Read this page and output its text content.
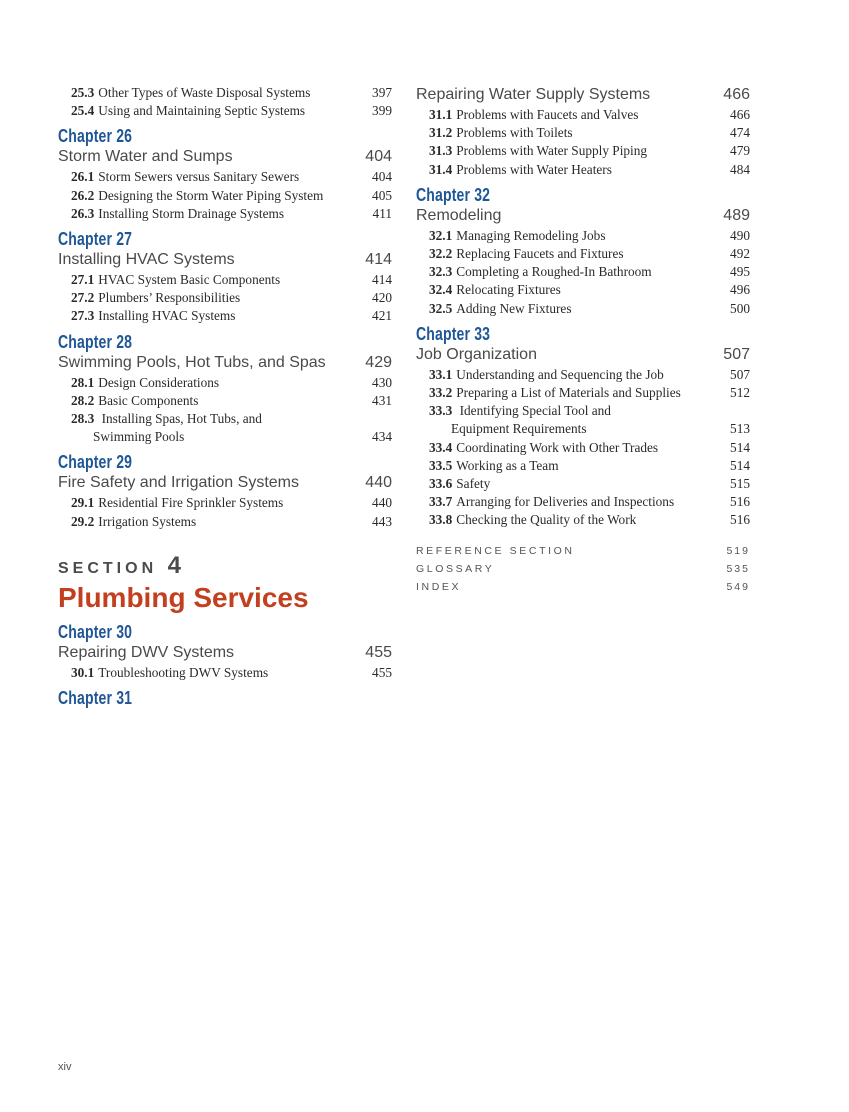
25.3 Other Types of Waste Disposal Systems	397
25.4 Using and Maintaining Septic Systems	399
Chapter 26
Storm Water and Sumps	404
26.1 Storm Sewers versus Sanitary Sewers	404
26.2 Designing the Storm Water Piping System	405
26.3 Installing Storm Drainage Systems	411
Chapter 27
Installing HVAC Systems	414
27.1 HVAC System Basic Components	414
27.2 Plumbers’ Responsibilities	420
27.3 Installing HVAC Systems	421
Chapter 28
Swimming Pools, Hot Tubs, and Spas 429
28.1 Design Considerations	430
28.2 Basic Components	431
28.3 Installing Spas, Hot Tubs, and
Swimming Pools	434
Chapter 29
Fire Safety and Irrigation Systems	440
29.1 Residential Fire Sprinkler Systems	440
29.2 Irrigation Systems	443
SECTION 4
Plumbing Services
Chapter 30
Repairing DWV Systems	455
30.1 Troubleshooting DWV Systems	455
Chapter 31
Repairing Water Supply Systems	466
31.1 Problems with Faucets and Valves	466
31.2 Problems with Toilets	474
31.3 Problems with Water Supply Piping	479
31.4 Problems with Water Heaters	484
Chapter 32
Remodeling	489
32.1 Managing Remodeling Jobs	490
32.2 Replacing Faucets and Fixtures	492
32.3 Completing a Roughed-In Bathroom	495
32.4 Relocating Fixtures	496
32.5 Adding New Fixtures	500
Chapter 33
Job Organization	507
33.1 Understanding and Sequencing the Job	507
33.2 Preparing a List of Materials and Supplies	512
33.3 Identifying Special Tool and
Equipment Requirements	513
33.4 Coordinating Work with Other Trades	514
33.5 Working as a Team	514
33.6 Safety	515
33.7 Arranging for Deliveries and Inspections	516
33.8 Checking the Quality of the Work	516
REFERENCE SECTION	519
GLOSSARY	535
INDEX	549
xiv
